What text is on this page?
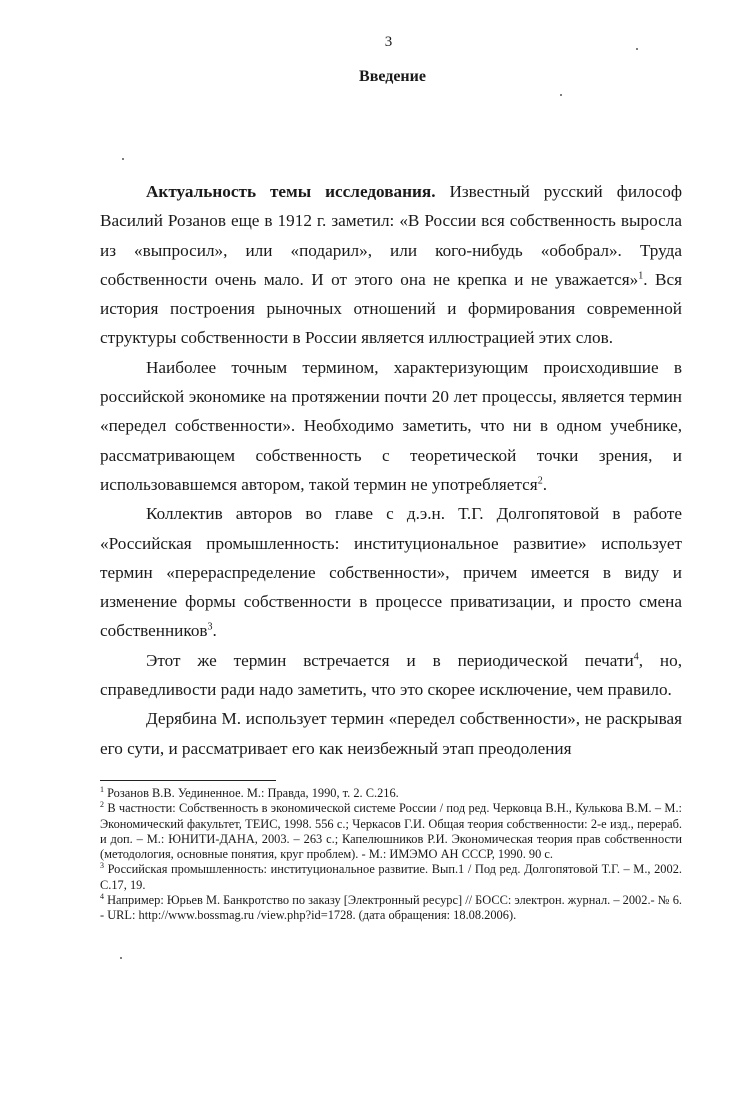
3
Введение

Актуальность темы исследования. Известный русский философ Василий Розанов еще в 1912 г. заметил: «В России вся собственность выросла из «выпросил», или «подарил», или кого-нибудь «обобрал». Труда собственности очень мало. И от этого она не крепка и не уважается»$^1$. Вся история построения рыночных отношений и формирования современной структуры собственности в России является иллюстрацией этих слов.

Наиболее точным термином, характеризующим происходившие в российской экономике на протяжении почти 20 лет процессы, является термин «передел собственности». Необходимо заметить, что ни в одном учебнике, рассматривающем собственность с теоретической точки зрения, и использовавшемся автором, такой термин не употребляется$^2$.

Коллектив авторов во главе с д.э.н. Т.Г. Долгопятовой в работе «Российская промышленность: институциональное развитие» использует термин «перераспределение собственности», причем имеется в виду и изменение формы собственности в процессе приватизации, и просто смена собственников$^3$.

Этот же термин встречается и в периодической печати$^4$, но, справедливости ради надо заметить, что это скорее исключение, чем правило.

Дерябина М. использует термин «передел собственности», не раскрывая его сути, и рассматривает его как неизбежный этап преодоления

$^1$ Розанов В.В. Уединенное. М.: Правда, 1990, т. 2. С.216.

$^2$ В частности: Собственность в экономической системе России / под ред. Черковца В.Н., Кулькова В.М. – М.: Экономический факультет, ТЕИС, 1998. 556 с.; Черкасов Г.И. Общая теория собственности: 2-е изд., перераб. и доп. – М.: ЮНИТИ-ДАНА, 2003. – 263 с.; Капелюшников Р.И. Экономическая теория прав собственности (методология, основные понятия, круг проблем). - М.: ИМЭМО АН СССР, 1990. 90 с.

$^3$ Российская промышленность: институциональное развитие. Вып.1 / Под ред. Долгопятовой Т.Г. – М., 2002. С.17, 19.

$^4$ Например: Юрьев М. Банкротство по заказу [Электронный ресурс] // БОСС: электрон. журнал. – 2002.- № 6. - URL: http://www.bossmag.ru /view.php?id=1728. (дата обращения: 18.08.2006).
